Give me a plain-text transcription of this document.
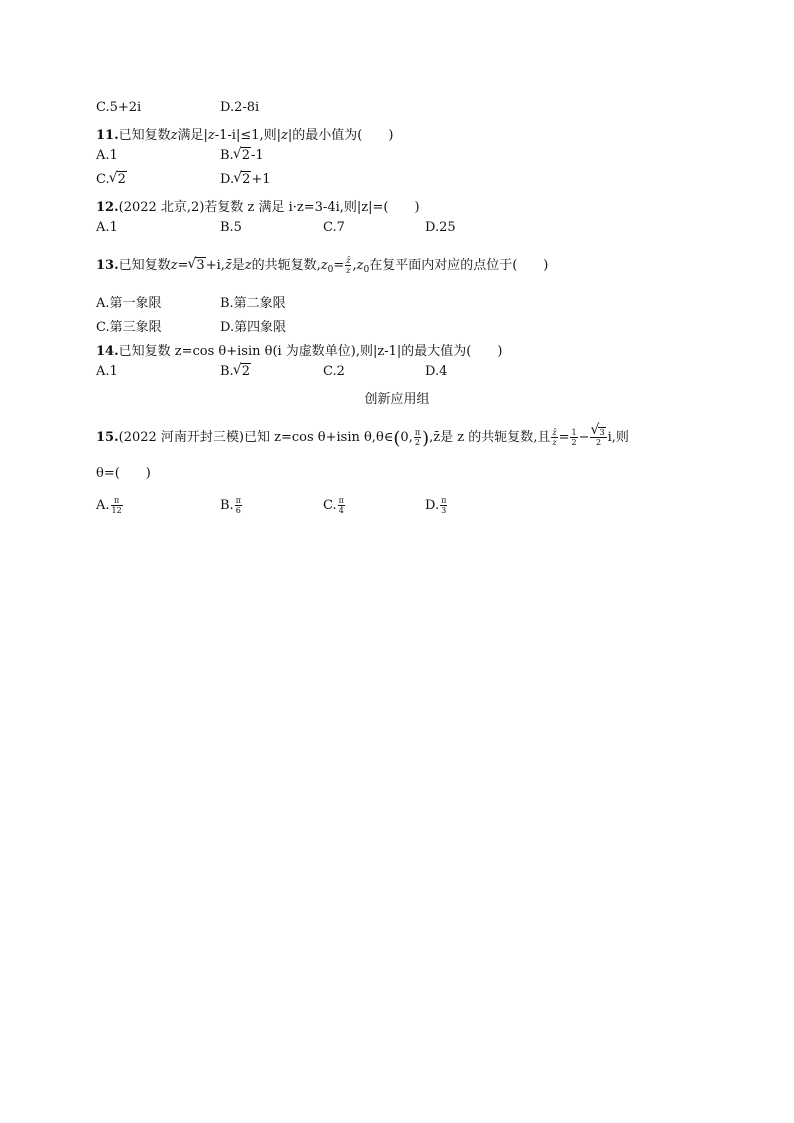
C.5+2i	D.2-8i
11.已知复数z满足|z-1-i|≤1,则|z|的最小值为(　　)
A.1	B. √ 2-1
C. √ 2	D. √ 2+1
12.(2022 北京,2)若复数 z 满足 i·z=3-4i,则|z|=(　　)
A.1	B.5	C.7	D.25
13.已知复数z= √ 3+i,z̄是z的共轭复数$,z_0= \frac{z̄}{z} ,z_0$在复平面内对应的点位于(　　)
A.第一象限	B.第二象限
C.第三象限	D.第四象限
14.已知复数 z=cos θ+isin θ(i 为虚数单位),则|z-1|的最大值为(　　)
A.1	B. √ 2	C.2	D.4
创新应用组
15.(2022 河南开封三模)已知 z=cos θ+isin θ,θ∈(0, $\frac{\pi}{2}$ ),z̄是 z 的共轭复数,且 $\frac{z̄}{z} = \frac{1}{2}$ − √ $\frac{3}{2} i$,则
θ=(　　)
A. $\frac{\pi}{12}$	B. $\frac{\pi}{6}$	C. $\frac{\pi}{4}$	D. $\frac{\pi}{3}$
